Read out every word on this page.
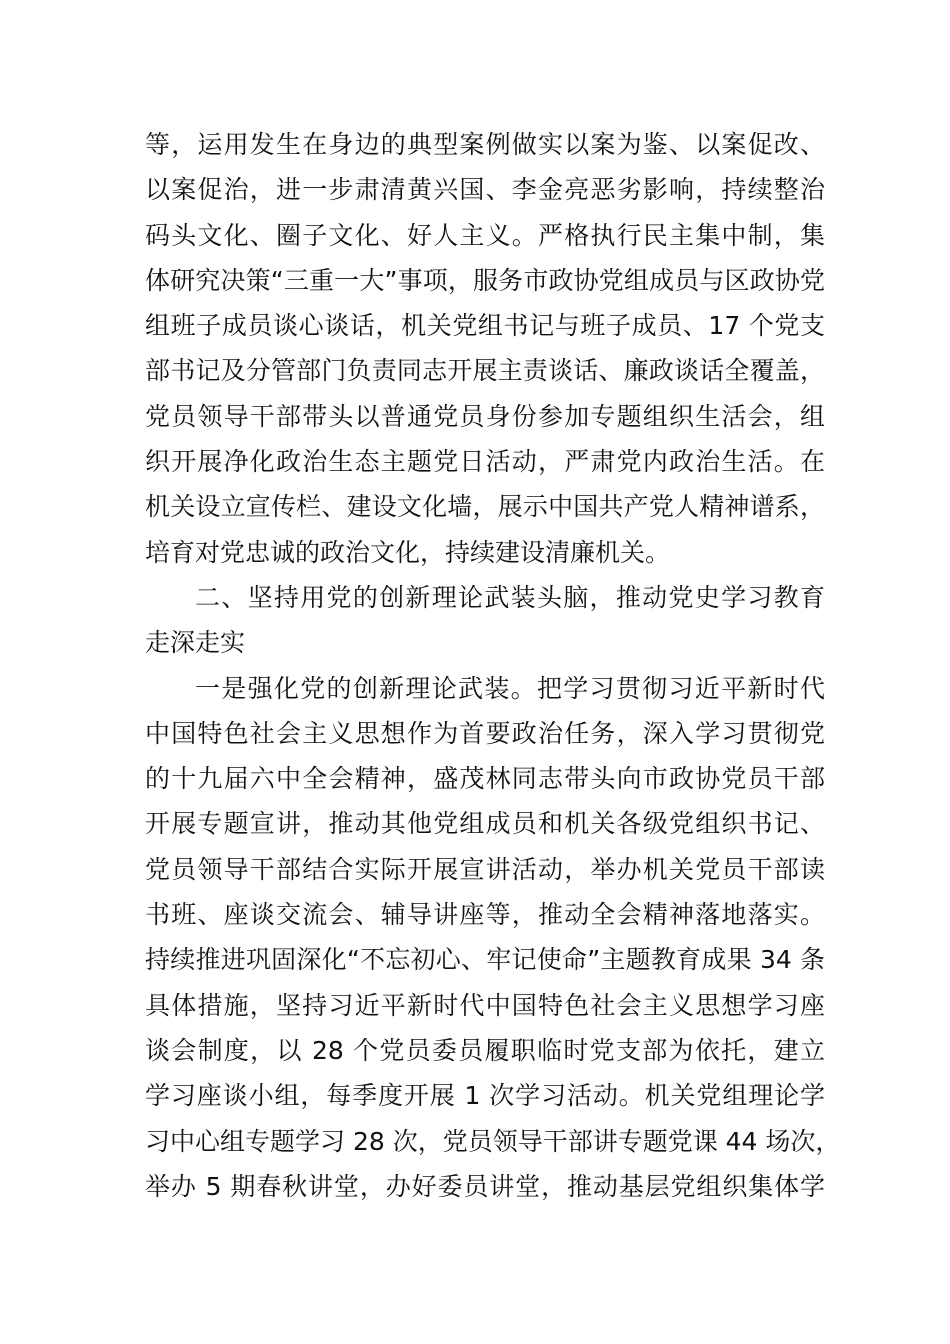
等，运用发生在身边的典型案例做实以案为鉴、以案促改、
以案促治，进一步肃清黄兴国、李金亮恶劣影响，持续整治
码头文化、圈子文化、好人主义。严格执行民主集中制，集
体研究决策“三重一大”事项，服务市政协党组成员与区政协党
组班子成员谈心谈话，机关党组书记与班子成员、17 个党支
部书记及分管部门负责同志开展主责谈话、廉政谈话全覆盖，
党员领导干部带头以普通党员身份参加专题组织生活会，组
织开展净化政治生态主题党日活动，严肃党内政治生活。在
机关设立宣传栏、建设文化墙，展示中国共产党人精神谱系，
培育对党忠诚的政治文化，持续建设清廉机关。
二、坚持用党的创新理论武装头脑，推动党史学习教育
走深走实
一是强化党的创新理论武装。把学习贯彻习近平新时代
中国特色社会主义思想作为首要政治任务，深入学习贯彻党
的十九届六中全会精神，盛茂林同志带头向市政协党员干部
开展专题宣讲，推动其他党组成员和机关各级党组织书记、
党员领导干部结合实际开展宣讲活动，举办机关党员干部读
书班、座谈交流会、辅导讲座等，推动全会精神落地落实。
持续推进巩固深化“不忘初心、牢记使命”主题教育成果 34 条
具体措施，坚持习近平新时代中国特色社会主义思想学习座
谈会制度，以 28 个党员委员履职临时党支部为依托，建立
学习座谈小组，每季度开展 1 次学习活动。机关党组理论学
习中心组专题学习 28 次，党员领导干部讲专题党课 44 场次，
举办 5 期春秋讲堂，办好委员讲堂，推动基层党组织集体学
